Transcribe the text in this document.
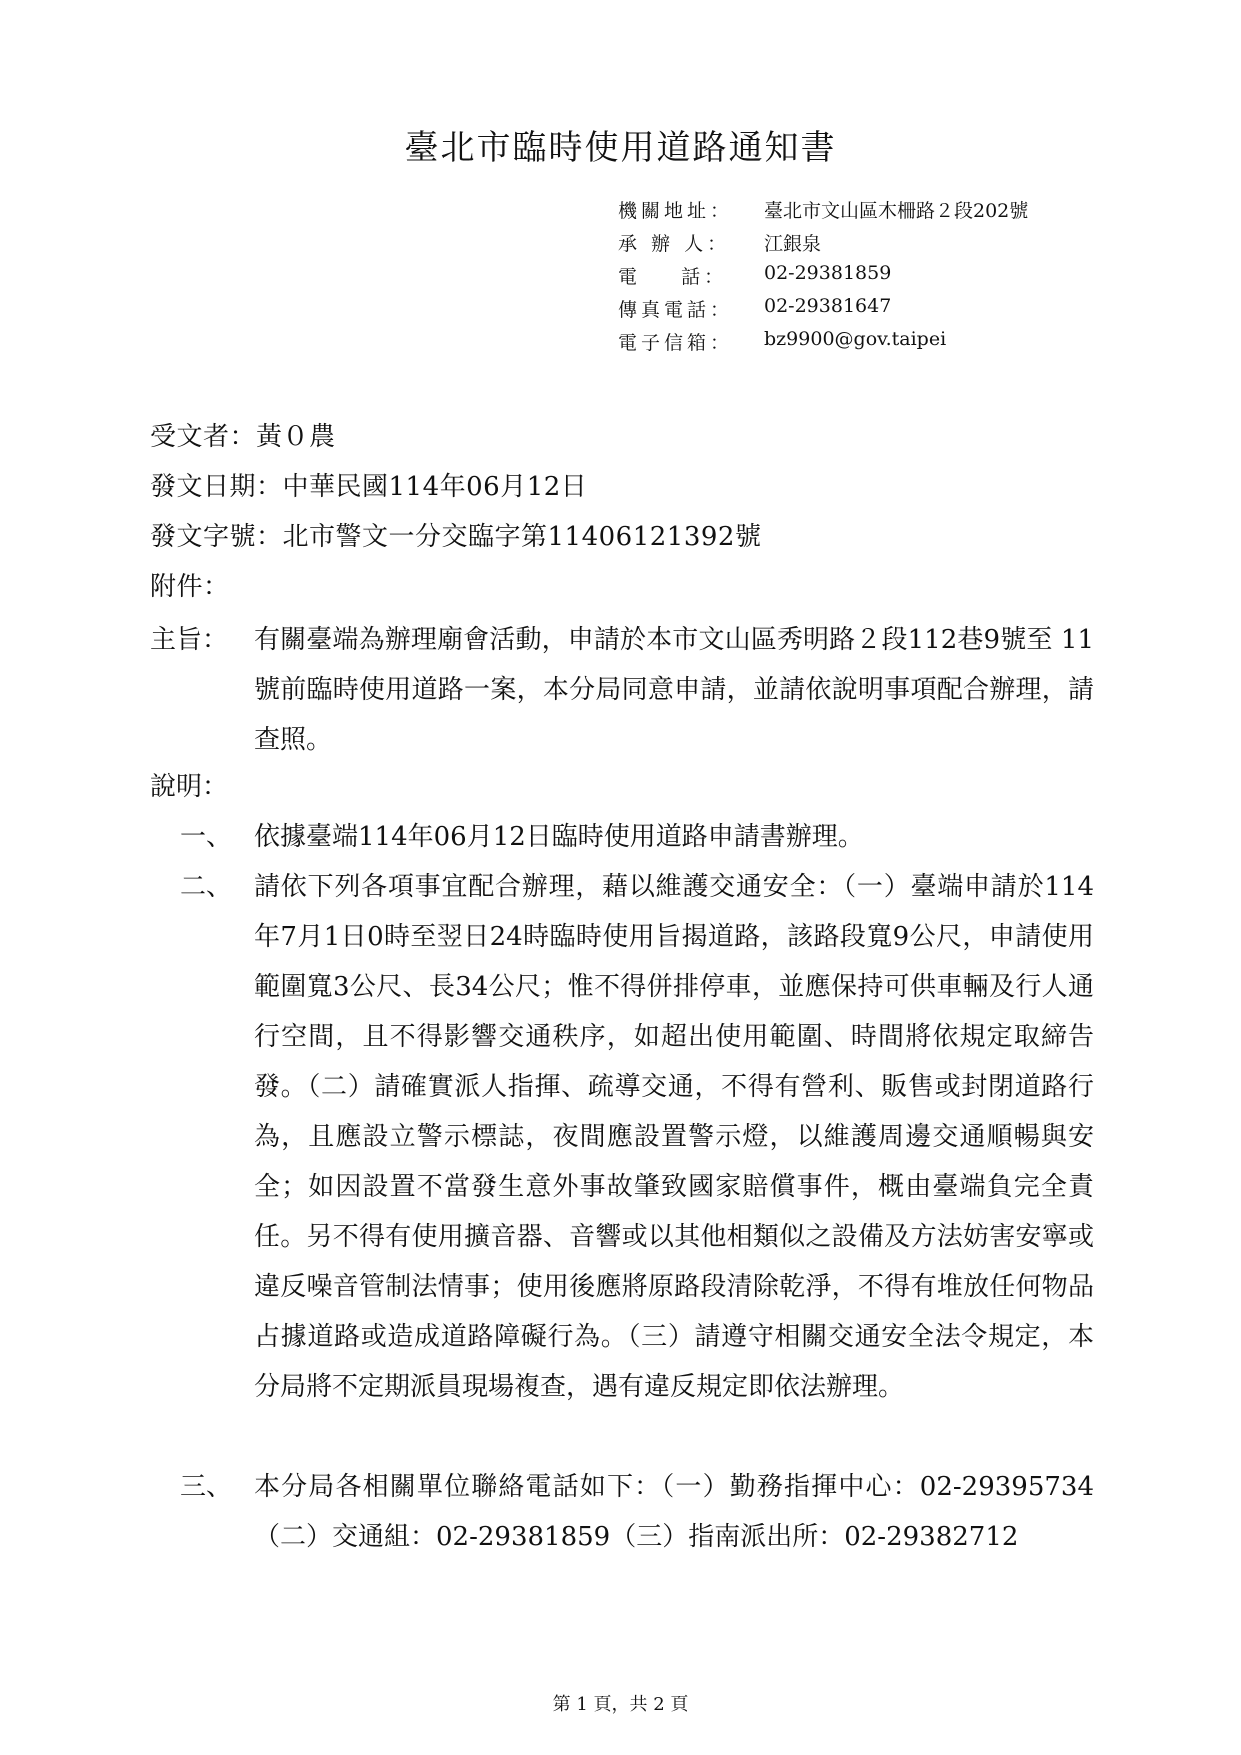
臺北市臨時使用道路通知書
機關地址：	臺北市文山區木柵路２段202號
承 辦 人：	江銀泉
電    話：	02-29381859
傳真電話：	02-29381647
電子信箱：	bz9900@gov.taipei
受文者：黃０農
發文日期：中華民國114年06月12日
發文字號：北市警文一分交臨字第11406121392號
附件：
主旨： 有關臺端為辦理廟會活動，申請於本市文山區秀明路２段112巷9號至 11 號前臨時使用道路一案，本分局同意申請，並請依說明事項配合辦理，請查照。
說明：
一、 依據臺端114年06月12日臨時使用道路申請書辦理。
二、 請依下列各項事宜配合辦理，藉以維護交通安全：（一）臺端申請於114年7月1日0時至翌日24時臨時使用旨揭道路，該路段寬9公尺，申請使用範圍寬3公尺、長34公尺；惟不得併排停車，並應保持可供車輛及行人通行空間，且不得影響交通秩序，如超出使用範圍、時間將依規定取締告發。（二）請確實派人指揮、疏導交通，不得有營利、販售或封閉道路行為，且應設立警示標誌，夜間應設置警示燈，以維護周邊交通順暢與安全；如因設置不當發生意外事故肇致國家賠償事件，概由臺端負完全責任。另不得有使用擴音器、音響或以其他相類似之設備及方法妨害安寧或違反噪音管制法情事；使用後應將原路段清除乾淨，不得有堆放任何物品占據道路或造成道路障礙行為。（三）請遵守相關交通安全法令規定，本分局將不定期派員現場複查，遇有違反規定即依法辦理。
三、 本分局各相關單位聯絡電話如下：（一）勤務指揮中心：02-29395734（二）交通組：02-29381859（三）指南派出所：02-29382712
第 1 頁，共 2 頁
